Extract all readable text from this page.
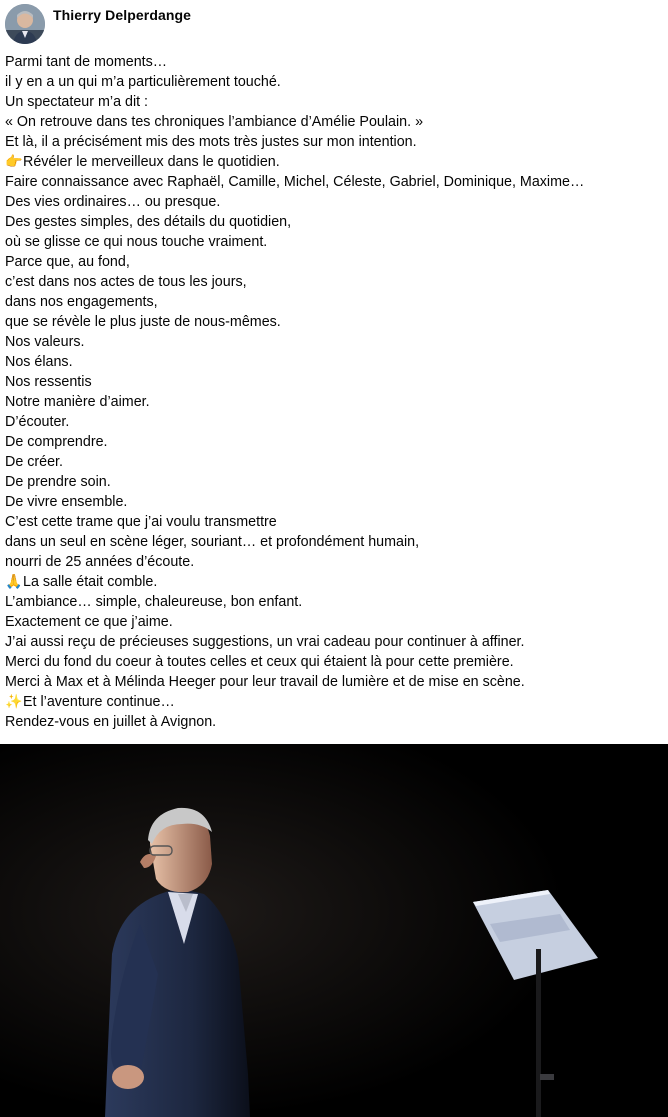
Thierry Delperdange
Parmi tant de moments…
il y en a un qui m’a particulièrement touché.
Un spectateur m’a dit :
« On retrouve dans tes chroniques l’ambiance d’Amélie Poulain. »
Et là, il a précisément mis des mots très justes sur mon intention.
👉Révéler le merveilleux dans le quotidien.
Faire connaissance avec Raphaël, Camille, Michel, Céleste, Gabriel, Dominique, Maxime…
Des vies ordinaires… ou presque.
Des gestes simples, des détails du quotidien,
où se glisse ce qui nous touche vraiment.
Parce que, au fond,
c’est dans nos actes de tous les jours,
dans nos engagements,
que se révèle le plus juste de nous-mêmes.
Nos valeurs.
Nos élans.
Nos ressentis
Notre manière d’aimer.
D’écouter.
De comprendre.
De créer.
De prendre soin.
De vivre ensemble.
C’est cette trame que j’ai voulu transmettre
dans un seul en scène léger, souriant… et profondément humain,
nourri de 25 années d’écoute.
🙏La salle était comble.
L’ambiance… simple, chaleureuse, bon enfant.
Exactement ce que j’aime.
J’ai aussi reçu de précieuses suggestions, un vrai cadeau pour continuer à affiner.
Merci du fond du coeur à toutes celles et ceux qui étaient là pour cette première.
Merci à Max et à Mélinda Heeger pour leur travail de lumière et de mise en scène.
✨Et l’aventure continue…
Rendez-vous en juillet à Avignon.
